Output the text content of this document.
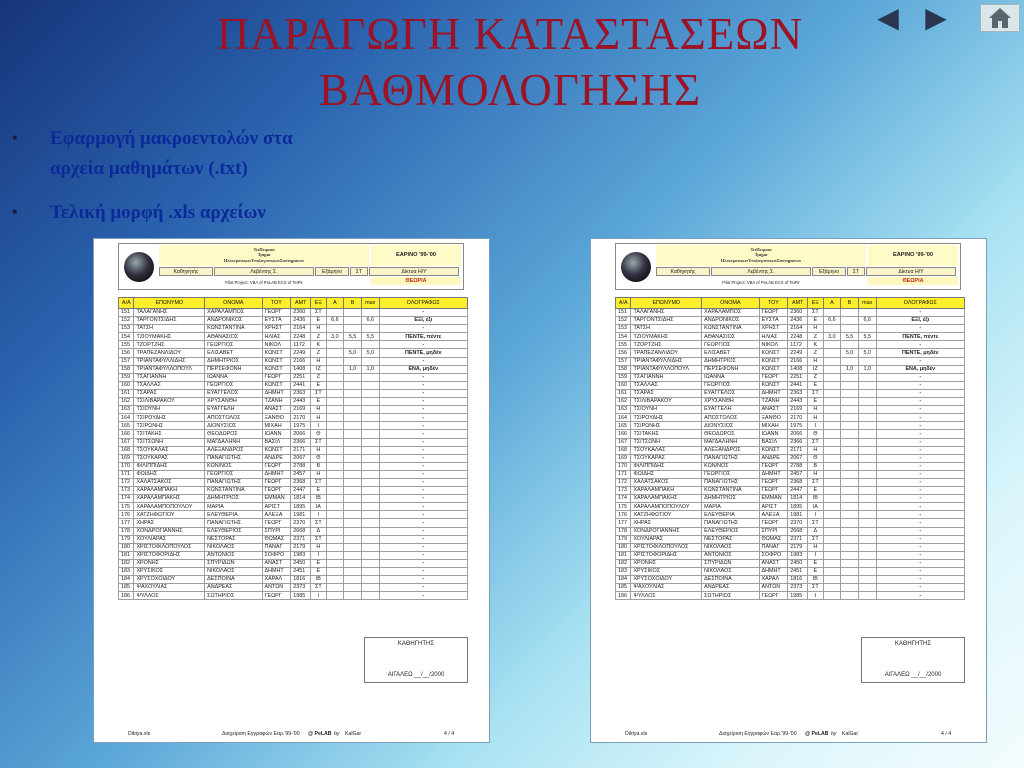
ΠΑΡΑΓΩΓΗ ΚΑΤΑΣΤΑΣΕΩΝ
ΒΑΘΜΟΛΟΓΗΣΗΣ
◀ ▶
•	Εφαρμογή μακροεντολών στα
αρχεία μαθημάτων (.txt)
•	Τελική μορφή .xls αρχείων
ΤειΠειραια
Τμημα
ΗλεκτρονικωνΥπολογιστικωνΣυστηματων
ΕΑΡΙΝΟ '99-'00
Καθηγητής	Λεβέντης Σ.	Εξάμηνο	ΣΤ	Δίκτυα Η/Υ
ΘΕΩΡΙΑ
Pilot Project: VBA of PeLAB ECS of TeiPir
Α/Α	ΕΠΩΝΥΜΟ	ΟΝΟΜΑ	ΤΟΥ	ΑΜΤ	ΕΞ	Α	Β	max	ΟΛΟΓΡΑΦΩΣ
151	ΤΑΛΑΓΑΝΗΣ	ΧΑΡΑΛΑΜΠΟΣ	ΓΕΩΡΓ	2360	ΣΤ				-
152	ΤΑΡΓΟΝΤΣΙΔΗΣ	ΑΝΔΡΟΝΙΚΟΣ	ΕΥΣΤΑ	2436	Ε	6,6		6,6	ΕΞΙ, έξι
153	ΤΑΤΣΗ	ΚΩΝΣΤΑΝΤΙΝΑ	ΧΡΗΣΤ	2164	Η				-
154	ΤΖΙΟΥΜΑΚΗΣ	ΑΘΑΝΑΣΙΟΣ	ΗΛΙΑΣ	2248	Ζ	3,0	5,5	5,5	ΠΕΝΤΕ, πέντε
155	ΤΖΟΡΤΖΗΣ	ΓΕΩΡΓΙΟΣ	ΝΙΚΟΛ	1172	Κ				-
156	ΤΡΑΠΕΖΑΝΛΙΔΟΥ	ΕΛΙΣΑΒΕΤ	ΚΩΝΣΤ	2249	Ζ		5,0	5,0	ΠΕΝΤΕ, μηδέν
157	ΤΡΙΑΝΤΑΦΥΛΛΙΔΗΣ	ΔΗΜΗΤΡΙΟΣ	ΚΩΝΣΤ	2166	Η				-
158	ΤΡΙΑΝΤΑΦΥΛΛΟΠΟΥΛ	ΠΕΡΣΕΦΟΝΗ	ΚΩΝΣΤ	1408	ΙΖ		1,0	1,0	ΕΝΑ, μηδέν
159	ΤΣΑΓΙΑΝΝΗ	ΙΩΑΝΝΑ	ΓΕΩΡΓ	2251	Ζ				-
160	ΤΣΑΛΛΑΣ	ΓΕΩΡΓΙΟΣ	ΚΩΝΣΤ	2441	Ε				-
161	ΤΣΑΡΑΣ	ΕΥΑΓΓΕΛΟΣ	ΔΗΜΗΤ	2363	ΣΤ				-
162	ΤΣΙΛΙΒΑΡΑΚΟΥ	ΧΡΥΣΑΝΘΗ	ΤΖΑΝΗ	2443	Ε				-
163	ΤΣΙΟΥΝΗ	ΕΥΑΓΓΕΛΗ	ΑΝΑΣΤ	2169	Η				-
164	ΤΣΙΡΟΥΔΗΣ	ΑΠΟΣΤΟΛΟΣ	ΞΑΝΘΟ	2170	Η				-
165	ΤΣΙΡΩΝΗΣ	ΔΙΟΝΥΣΙΟΣ	ΜΙΧΑΗ	1975	Ι				-
166	ΤΣΙΤΑΚΗΣ	ΘΕΟΔΩΡΟΣ	ΙΩΑΝΝ	2066	Θ				-
167	ΤΣΙΤΣΩΝΗ	ΜΑΓΔΑΛΗΝΗ	ΒΑΣΙΛ	2366	ΣΤ				-
168	ΤΣΟΥΚΑΛΑΣ	ΑΛΕΞΑΝΔΡΟΣ	ΚΩΝΣΤ	2171	Η				-
169	ΤΣΟΥΚΑΡΑΣ	ΠΑΝΑΓΙΩΤΗΣ	ΑΝΔΡΕ	2067	Θ				-
170	ΦΙΛΙΠΠΙΔΗΣ	ΚΩΝ/ΝΟΣ	ΓΕΩΡΓ	2788	Β				-
171	ΦΩΙΔΗΣ	ΓΕΩΡΓΙΟΣ	ΔΗΜΗΤ	2457	Η				-
172	ΧΑΛΑΤΣΑΚΟΣ	ΠΑΝΑΓΙΩΤΗΣ	ΓΕΩΡΓ	2368	ΣΤ				-
173	ΧΑΡΑΛΑΜΠΑΚΗ	ΚΩΝΣΤΑΝΤΙΝΑ	ΓΕΩΡΓ	2447	Ε				-
174	ΧΑΡΑΛΑΜΠΑΚΗΣ	ΔΗΜΗΤΡΙΟΣ	ΕΜΜΑΝ	1814	ΙΒ				-
175	ΧΑΡΑΛΑΜΠΟΠΟΥΛΟΥ	ΜΑΡΙΑ	ΑΡΙΣΤ	1895	ΙΑ				-
176	ΧΑΤΖΗΦΩΤΙΟΥ	ΕΛΕΥΘΕΡΙΑ	ΑΛΕΞΑ	1981	Ι				-
177	ΧΗΡΑΣ	ΠΑΝΑΓΙΩΤΗΣ	ΓΕΩΡΓ	2370	ΣΤ				-
178	ΧΟΝΔΡΟΓΙΑΝΝΗΣ	ΕΛΕΥΘΕΡΙΟΣ	ΣΠΥΡΙ	2668	Δ				-
179	ΧΟΥΛΙΑΡΑΣ	ΝΕΣΤΟΡΑΣ	ΘΩΜΑΣ	2371	ΣΤ				-
180	ΧΡΙΣΤΟΦΙΛΟΠΟΥΛΟΣ	ΝΙΚΟΛΑΟΣ	ΠΑΝΑΓ	2179	Η				-
181	ΧΡΙΣΤΟΦΟΡΙΔΗΣ	ΑΝΤΩΝΙΟΣ	ΣΟΦΡΟ	1983	Ι				-
182	ΧΡΟΝΗΣ	ΣΠΥΡΙΔΩΝ	ΑΝΑΣΤ	2450	Ε				-
183	ΧΡΥΣΙΚΟΣ	ΝΙΚΟΛΑΟΣ	ΔΗΜΗΤ	2451	Ε				-
184	ΧΡΥΣΟΧΟΙΔΟΥ	ΔΕΣΠΟΙΝΑ	ΧΑΡΑΛ	1816	ΙΒ				-
185	ΨΑΧΟΥΛΙΑΣ	ΑΝΔΡΕΑΣ	ΑΝΤΩΝ	2373	ΣΤ				-
186	ΨΥΛΛΟΣ	ΣΩΤΗΡΙΟΣ	ΓΕΩΡΓ	1985	Ι				-
ΚΑΘΗΓΗΤΗΣ
ΑΙΓΑΛΕΩ __/__/2000
Diktya.xls	Διαχείριση Εγγραφών Εαρ.'99-'00 @ PeLAB by KalGar	4 / 4
ΤειΠειραια
Τμημα
ΗλεκτρονικωνΥπολογιστικωνΣυστηματων
ΕΑΡΙΝΟ '99-'00
Καθηγητής	Λεβέντης Σ.	Εξάμηνο	ΣΤ	Δίκτυα Η/Υ
ΘΕΩΡΙΑ
Pilot Project: VBA of PeLAB ECS of TeiPir
Α/Α	ΕΠΩΝΥΜΟ	ΟΝΟΜΑ	ΤΟΥ	ΑΜΤ	ΕΞ	Α	Β	max	ΟΛΟΓΡΑΦΩΣ
151	ΤΑΛΑΓΑΝΗΣ	ΧΑΡΑΛΑΜΠΟΣ	ΓΕΩΡΓ	2360	ΣΤ				-
152	ΤΑΡΓΟΝΤΣΙΔΗΣ	ΑΝΔΡΟΝΙΚΟΣ	ΕΥΣΤΑ	2436	Ε	6,6		6,6	ΕΞΙ, έξι
153	ΤΑΤΣΗ	ΚΩΝΣΤΑΝΤΙΝΑ	ΧΡΗΣΤ	2164	Η				-
154	ΤΖΙΟΥΜΑΚΗΣ	ΑΘΑΝΑΣΙΟΣ	ΗΛΙΑΣ	2248	Ζ	3,0	5,5	5,5	ΠΕΝΤΕ, πέντε
155	ΤΖΟΡΤΖΗΣ	ΓΕΩΡΓΙΟΣ	ΝΙΚΟΛ	1172	Κ				-
156	ΤΡΑΠΕΖΑΝΛΙΔΟΥ	ΕΛΙΣΑΒΕΤ	ΚΩΝΣΤ	2249	Ζ		5,0	5,0	ΠΕΝΤΕ, μηδέν
157	ΤΡΙΑΝΤΑΦΥΛΛΙΔΗΣ	ΔΗΜΗΤΡΙΟΣ	ΚΩΝΣΤ	2166	Η				-
158	ΤΡΙΑΝΤΑΦΥΛΛΟΠΟΥΛ	ΠΕΡΣΕΦΟΝΗ	ΚΩΝΣΤ	1408	ΙΖ		1,0	1,0	ΕΝΑ, μηδέν
159	ΤΣΑΓΙΑΝΝΗ	ΙΩΑΝΝΑ	ΓΕΩΡΓ	2251	Ζ				-
160	ΤΣΑΛΛΑΣ	ΓΕΩΡΓΙΟΣ	ΚΩΝΣΤ	2441	Ε				-
161	ΤΣΑΡΑΣ	ΕΥΑΓΓΕΛΟΣ	ΔΗΜΗΤ	2363	ΣΤ				-
162	ΤΣΙΛΙΒΑΡΑΚΟΥ	ΧΡΥΣΑΝΘΗ	ΤΖΑΝΗ	2443	Ε				-
163	ΤΣΙΟΥΝΗ	ΕΥΑΓΓΕΛΗ	ΑΝΑΣΤ	2169	Η				-
164	ΤΣΙΡΟΥΔΗΣ	ΑΠΟΣΤΟΛΟΣ	ΞΑΝΘΟ	2170	Η				-
165	ΤΣΙΡΩΝΗΣ	ΔΙΟΝΥΣΙΟΣ	ΜΙΧΑΗ	1975	Ι				-
166	ΤΣΙΤΑΚΗΣ	ΘΕΟΔΩΡΟΣ	ΙΩΑΝΝ	2066	Θ				-
167	ΤΣΙΤΣΩΝΗ	ΜΑΓΔΑΛΗΝΗ	ΒΑΣΙΛ	2366	ΣΤ				-
168	ΤΣΟΥΚΑΛΑΣ	ΑΛΕΞΑΝΔΡΟΣ	ΚΩΝΣΤ	2171	Η				-
169	ΤΣΟΥΚΑΡΑΣ	ΠΑΝΑΓΙΩΤΗΣ	ΑΝΔΡΕ	2067	Θ				-
170	ΦΙΛΙΠΠΙΔΗΣ	ΚΩΝ/ΝΟΣ	ΓΕΩΡΓ	2788	Β				-
171	ΦΩΙΔΗΣ	ΓΕΩΡΓΙΟΣ	ΔΗΜΗΤ	2457	Η				-
172	ΧΑΛΑΤΣΑΚΟΣ	ΠΑΝΑΓΙΩΤΗΣ	ΓΕΩΡΓ	2368	ΣΤ				-
173	ΧΑΡΑΛΑΜΠΑΚΗ	ΚΩΝΣΤΑΝΤΙΝΑ	ΓΕΩΡΓ	2447	Ε				-
174	ΧΑΡΑΛΑΜΠΑΚΗΣ	ΔΗΜΗΤΡΙΟΣ	ΕΜΜΑΝ	1814	ΙΒ				-
175	ΧΑΡΑΛΑΜΠΟΠΟΥΛΟΥ	ΜΑΡΙΑ	ΑΡΙΣΤ	1895	ΙΑ				-
176	ΧΑΤΖΗΦΩΤΙΟΥ	ΕΛΕΥΘΕΡΙΑ	ΑΛΕΞΑ	1981	Ι				-
177	ΧΗΡΑΣ	ΠΑΝΑΓΙΩΤΗΣ	ΓΕΩΡΓ	2370	ΣΤ				-
178	ΧΟΝΔΡΟΓΙΑΝΝΗΣ	ΕΛΕΥΘΕΡΙΟΣ	ΣΠΥΡΙ	2668	Δ				-
179	ΧΟΥΛΙΑΡΑΣ	ΝΕΣΤΟΡΑΣ	ΘΩΜΑΣ	2371	ΣΤ				-
180	ΧΡΙΣΤΟΦΙΛΟΠΟΥΛΟΣ	ΝΙΚΟΛΑΟΣ	ΠΑΝΑΓ	2179	Η				-
181	ΧΡΙΣΤΟΦΟΡΙΔΗΣ	ΑΝΤΩΝΙΟΣ	ΣΟΦΡΟ	1983	Ι				-
182	ΧΡΟΝΗΣ	ΣΠΥΡΙΔΩΝ	ΑΝΑΣΤ	2450	Ε				-
183	ΧΡΥΣΙΚΟΣ	ΝΙΚΟΛΑΟΣ	ΔΗΜΗΤ	2451	Ε				-
184	ΧΡΥΣΟΧΟΙΔΟΥ	ΔΕΣΠΟΙΝΑ	ΧΑΡΑΛ	1816	ΙΒ				-
185	ΨΑΧΟΥΛΙΑΣ	ΑΝΔΡΕΑΣ	ΑΝΤΩΝ	2373	ΣΤ				-
186	ΨΥΛΛΟΣ	ΣΩΤΗΡΙΟΣ	ΓΕΩΡΓ	1985	Ι				-
ΚΑΘΗΓΗΤΗΣ
ΑΙΓΑΛΕΩ __/__/2000
Diktya.xls	Διαχείριση Εγγραφών Εαρ.'99-'00 @ PeLAB by KalGar	4 / 4
